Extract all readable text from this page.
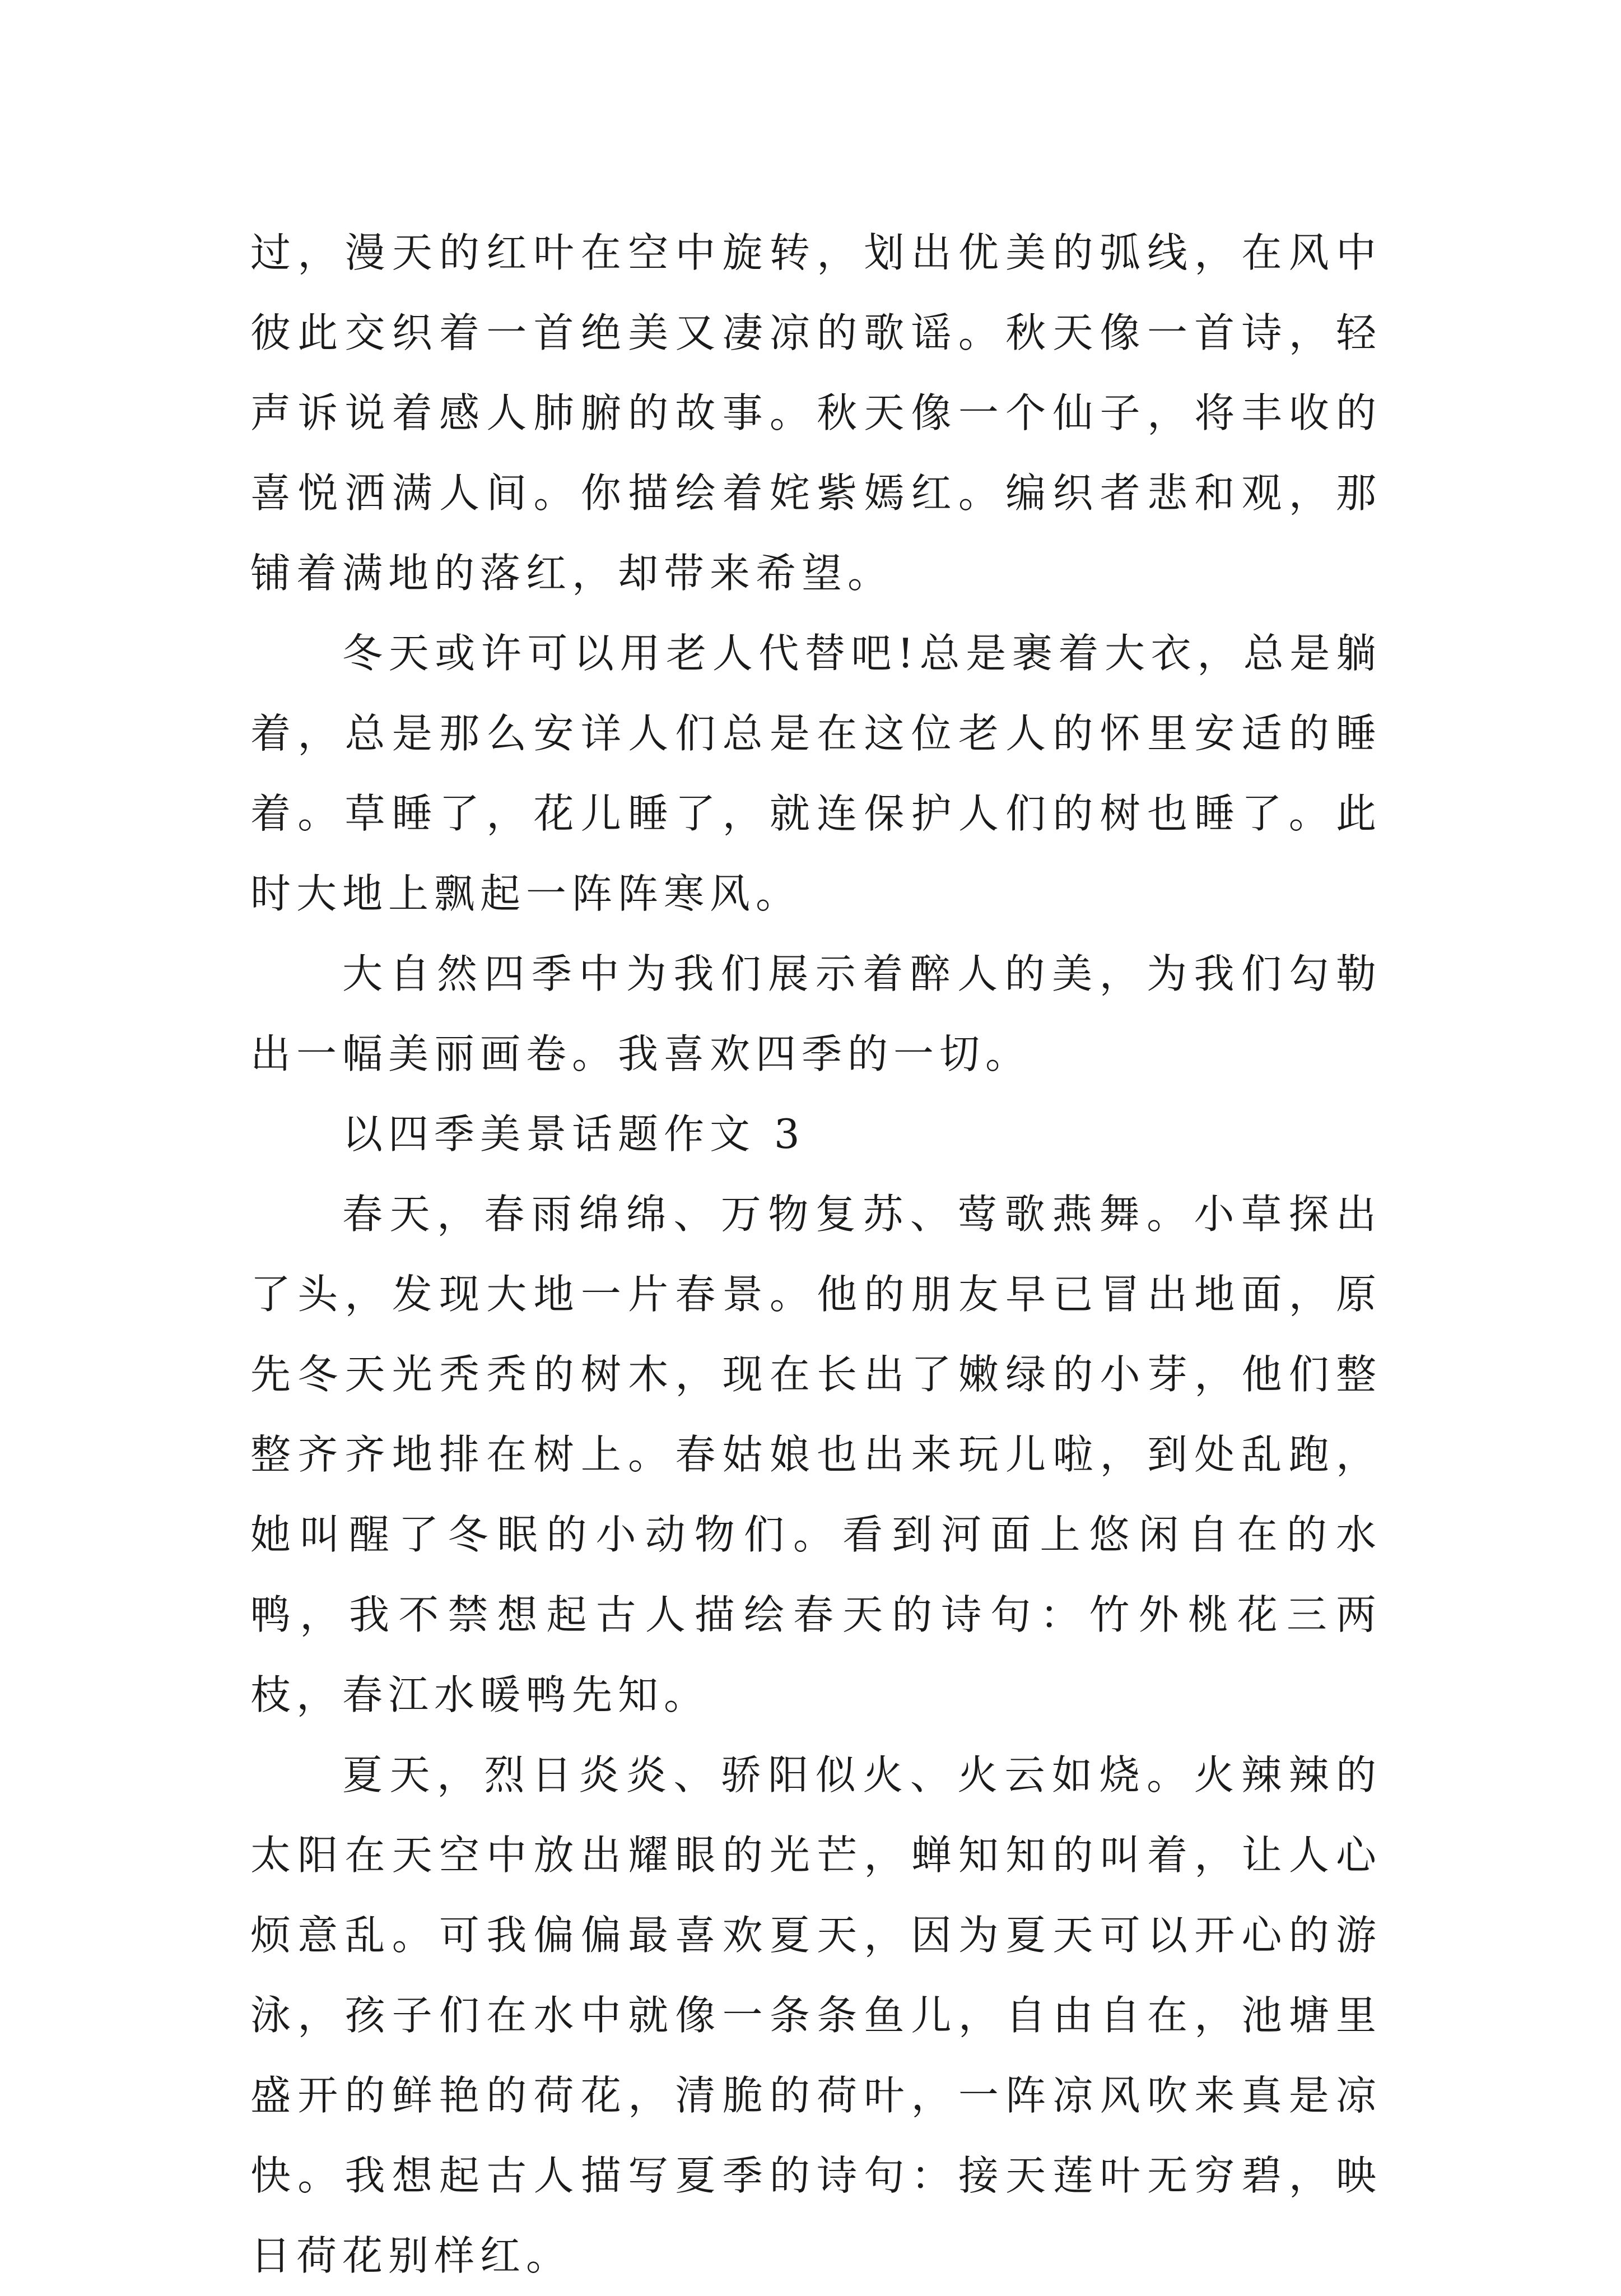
过，漫天的红叶在空中旋转，划出优美的弧线，在风中彼此交织着一首绝美又凄凉的歌谣。秋天像一首诗，轻声诉说着感人肺腑的故事。秋天像一个仙子，将丰收的喜悦洒满人间。你描绘着姹紫嫣红。编织者悲和观，那铺着满地的落红，却带来希望。

冬天或许可以用老人代替吧!总是裹着大衣，总是躺着，总是那么安详人们总是在这位老人的怀里安适的睡着。草睡了，花儿睡了，就连保护人们的树也睡了。此时大地上飘起一阵阵寒风。

大自然四季中为我们展示着醉人的美，为我们勾勒出一幅美丽画卷。我喜欢四季的一切。

以四季美景话题作文 3

春天，春雨绵绵、万物复苏、莺歌燕舞。小草探出了头，发现大地一片春景。他的朋友早已冒出地面，原先冬天光秃秃的树木，现在长出了嫩绿的小芽，他们整整齐齐地排在树上。春姑娘也出来玩儿啦，到处乱跑，她叫醒了冬眠的小动物们。看到河面上悠闲自在的水鸭，我不禁想起古人描绘春天的诗句：竹外桃花三两枝，春江水暖鸭先知。

夏天，烈日炎炎、骄阳似火、火云如烧。火辣辣的太阳在天空中放出耀眼的光芒，蝉知知的叫着，让人心烦意乱。可我偏偏最喜欢夏天，因为夏天可以开心的游泳，孩子们在水中就像一条条鱼儿，自由自在，池塘里盛开的鲜艳的荷花，清脆的荷叶，一阵凉风吹来真是凉快。我想起古人描写夏季的诗句：接天莲叶无穷碧，映日荷花别样红。
